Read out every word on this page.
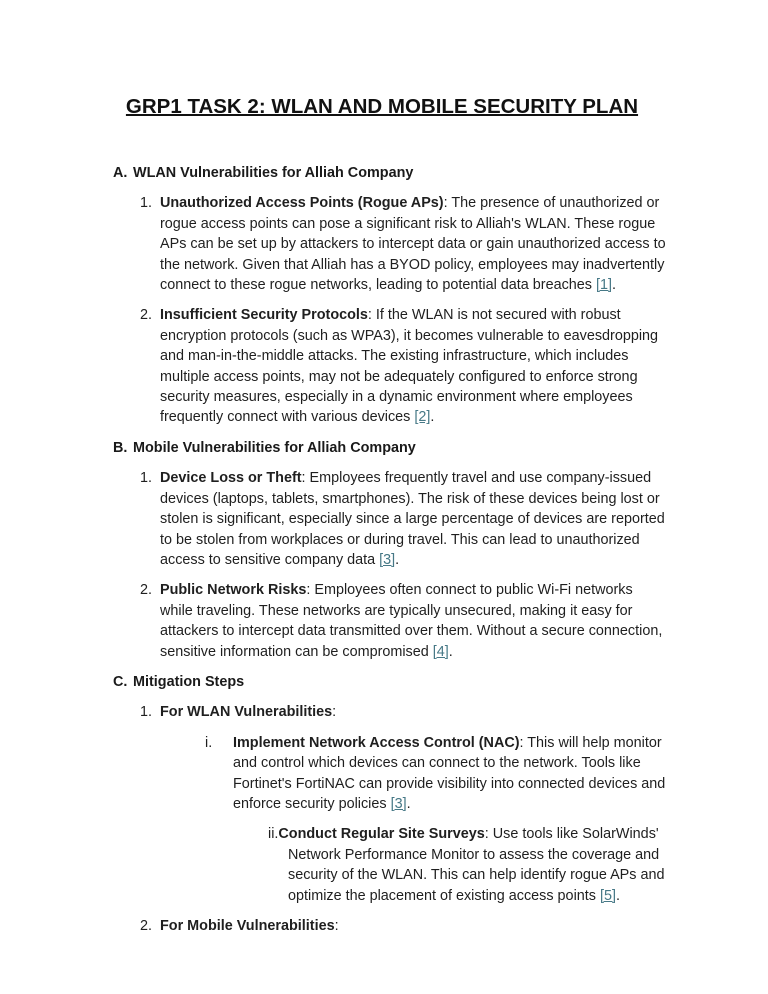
GRP1 TASK 2: WLAN AND MOBILE SECURITY PLAN
A. WLAN Vulnerabilities for Alliah Company
1. Unauthorized Access Points (Rogue APs): The presence of unauthorized or rogue access points can pose a significant risk to Alliah's WLAN. These rogue APs can be set up by attackers to intercept data or gain unauthorized access to the network. Given that Alliah has a BYOD policy, employees may inadvertently connect to these rogue networks, leading to potential data breaches [1].

2. Insufficient Security Protocols: If the WLAN is not secured with robust encryption protocols (such as WPA3), it becomes vulnerable to eavesdropping and man-in-the-middle attacks. The existing infrastructure, which includes multiple access points, may not be adequately configured to enforce strong security measures, especially in a dynamic environment where employees frequently connect with various devices [2].

B. Mobile Vulnerabilities for Alliah Company
1. Device Loss or Theft: Employees frequently travel and use company-issued devices (laptops, tablets, smartphones). The risk of these devices being lost or stolen is significant, especially since a large percentage of devices are reported to be stolen from workplaces or during travel. This can lead to unauthorized access to sensitive company data [3].

2. Public Network Risks: Employees often connect to public Wi-Fi networks while traveling. These networks are typically unsecured, making it easy for attackers to intercept data transmitted over them. Without a secure connection, sensitive information can be compromised [4].

C. Mitigation Steps
1. For WLAN Vulnerabilities:

i. Implement Network Access Control (NAC): This will help monitor and control which devices can connect to the network. Tools like Fortinet's FortiNAC can provide visibility into connected devices and enforce security policies [3].
ii.Conduct Regular Site Surveys: Use tools like SolarWinds' Network Performance Monitor to assess the coverage and security of the WLAN. This can help identify rogue APs and optimize the placement of existing access points [5].
2. For Mobile Vulnerabilities:
